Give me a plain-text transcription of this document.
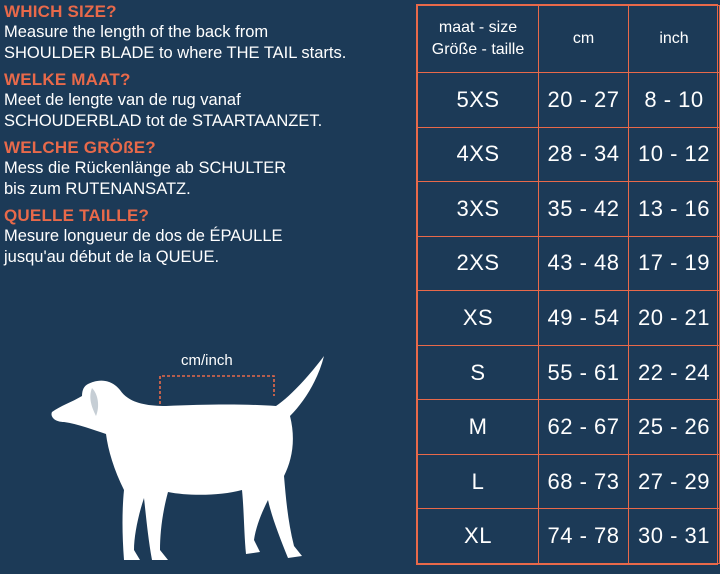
WHICH SIZE?
Measure the length of the back from
SHOULDER BLADE to where THE TAIL starts.
WELKE MAAT?
Meet de lengte van de rug vanaf
SCHOUDERBLAD tot de STAARTAANZET.
WELCHE GRÖßE?
Mess die Rückenlänge ab SCHULTER
bis zum RUTENANSATZ.
QUELLE TAILLE?
Mesure longueur de dos de ÉPAULLE
jusqu'au début de la QUEUE.
cm/inch
maat - size
Größe - taille	cm	inch
5XS	20 - 27	8 - 10
4XS	28 - 34	10 - 12
3XS	35 - 42	13 - 16
2XS	43 - 48	17 - 19
XS	49 - 54	20 - 21
S	55 - 61	22 - 24
M	62 - 67	25 - 26
L	68 - 73	27 - 29
XL	74 - 78	30 - 31
